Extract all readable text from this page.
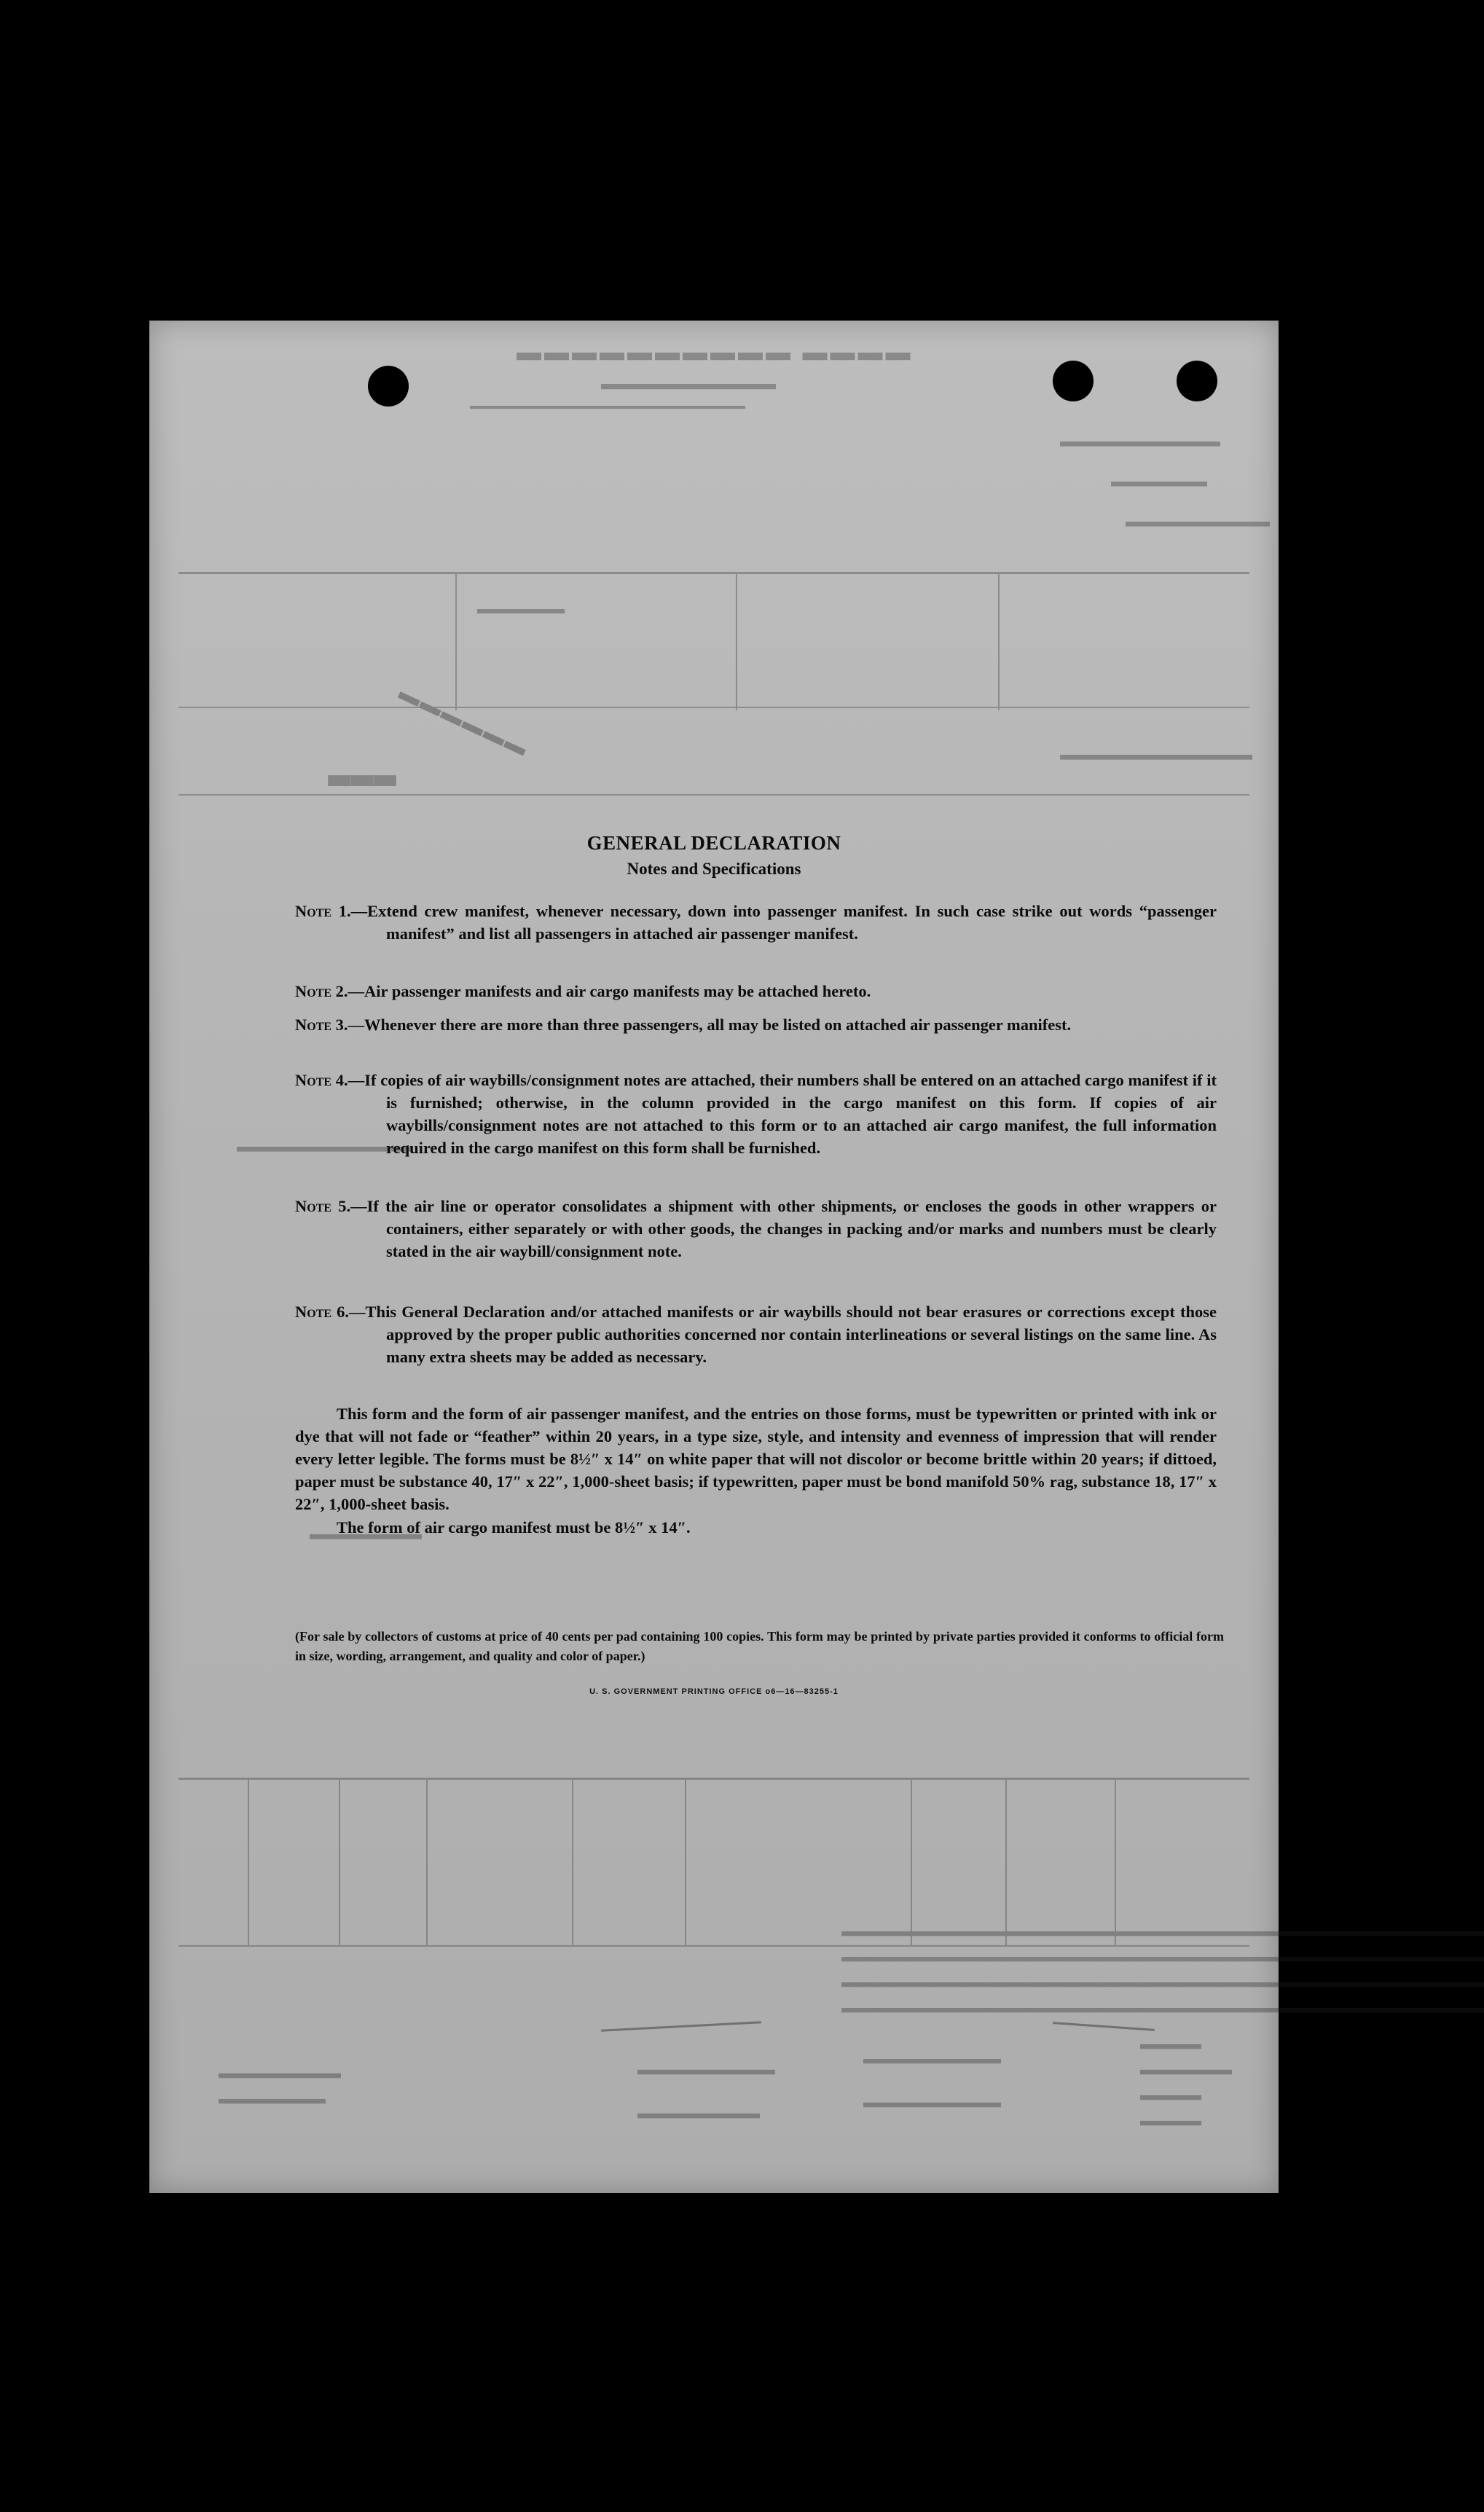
▬▬▬▬ ▬▬▬▬▬▬▬▬▬▬
▬▬▬▬▬▬▬▬▬▬
▬▬▬▬▬▬▬▬▬▬▬▬▬▬▬▬▬▬▬▬▬▬▬▬▬▬▬
▬▬▬▬▬▬
▬▬▬
▬▬▬▬▬▬▬▬▬▬▬▬
▬▬▬▬▬▬▬▬▬▬
▬▬▬▬▬▬▬▬▬
▬▬▬▬▬▬
▬▬▬▬▬▬▬▬▬▬▬▬▬▬▬▬▬▬▬▬▬▬▬▬▬▬▬▬▬▬▬▬▬▬▬▬▬▬▬▬▬▬
▬▬▬▬▬▬▬▬▬▬▬▬▬▬▬▬▬▬▬▬▬▬▬▬▬▬▬▬▬▬▬▬▬▬▬▬▬▬▬▬▬▬
▬▬▬▬▬▬▬▬▬▬▬▬▬▬▬▬▬▬▬▬▬▬▬▬▬▬▬▬▬▬▬▬▬▬▬▬▬▬▬▬▬▬
▬▬▬▬▬▬▬▬▬▬▬▬▬▬▬▬▬▬▬▬▬▬▬▬▬▬▬▬▬▬▬▬▬▬▬▬▬▬▬▬▬▬
▬▬▬▬
▬▬▬▬▬▬
▬▬▬▬
▬▬▬▬
▬▬▬▬▬▬▬▬▬
▬▬▬▬▬▬▬▬▬
▬▬▬▬▬▬▬▬▬
▬▬▬▬▬▬▬▬
▬▬▬▬▬▬▬▬
▬▬▬▬▬▬▬
▬▬▬▬▬▬▬
▬▬▬▬▬▬▬▬▬▬▬
▬▬▬▬▬▬
GENERAL DECLARATION
Notes and Specifications
Note 1.—Extend crew manifest, whenever necessary, down into passenger manifest. In such case strike out words “passenger manifest” and list all passengers in attached air passenger manifest.
Note 2.—Air passenger manifests and air cargo manifests may be attached hereto.
Note 3.—Whenever there are more than three passengers, all may be listed on attached air passenger manifest.
Note 4.—If copies of air waybills/consignment notes are attached, their numbers shall be entered on an attached cargo manifest if it is furnished; otherwise, in the column provided in the cargo manifest on this form. If copies of air waybills/consignment notes are not attached to this form or to an attached air cargo manifest, the full information required in the cargo manifest on this form shall be furnished.
Note 5.—If the air line or operator consolidates a shipment with other shipments, or encloses the goods in other wrappers or containers, either separately or with other goods, the changes in packing and/or marks and numbers must be clearly stated in the air waybill/consignment note.
Note 6.—This General Declaration and/or attached manifests or air waybills should not bear erasures or corrections except those approved by the proper public authorities concerned nor contain interlineations or several listings on the same line. As many extra sheets may be added as necessary.
This form and the form of air passenger manifest, and the entries on those forms, must be typewritten or printed with ink or dye that will not fade or “feather” within 20 years, in a type size, style, and intensity and evenness of impression that will render every letter legible. The forms must be 8½″ x 14″ on white paper that will not discolor or become brittle within 20 years; if dittoed, paper must be substance 40, 17″ x 22″, 1,000-sheet basis; if typewritten, paper must be bond manifold 50% rag, substance 18, 17″ x 22″, 1,000-sheet basis.
The form of air cargo manifest must be 8½″ x 14″.
(For sale by collectors of customs at price of 40 cents per pad containing 100 copies. This form may be printed by private parties provided it conforms to official form in size, wording, arrangement, and quality and color of paper.)
U. S. GOVERNMENT PRINTING OFFICE o6—16—83255-1
